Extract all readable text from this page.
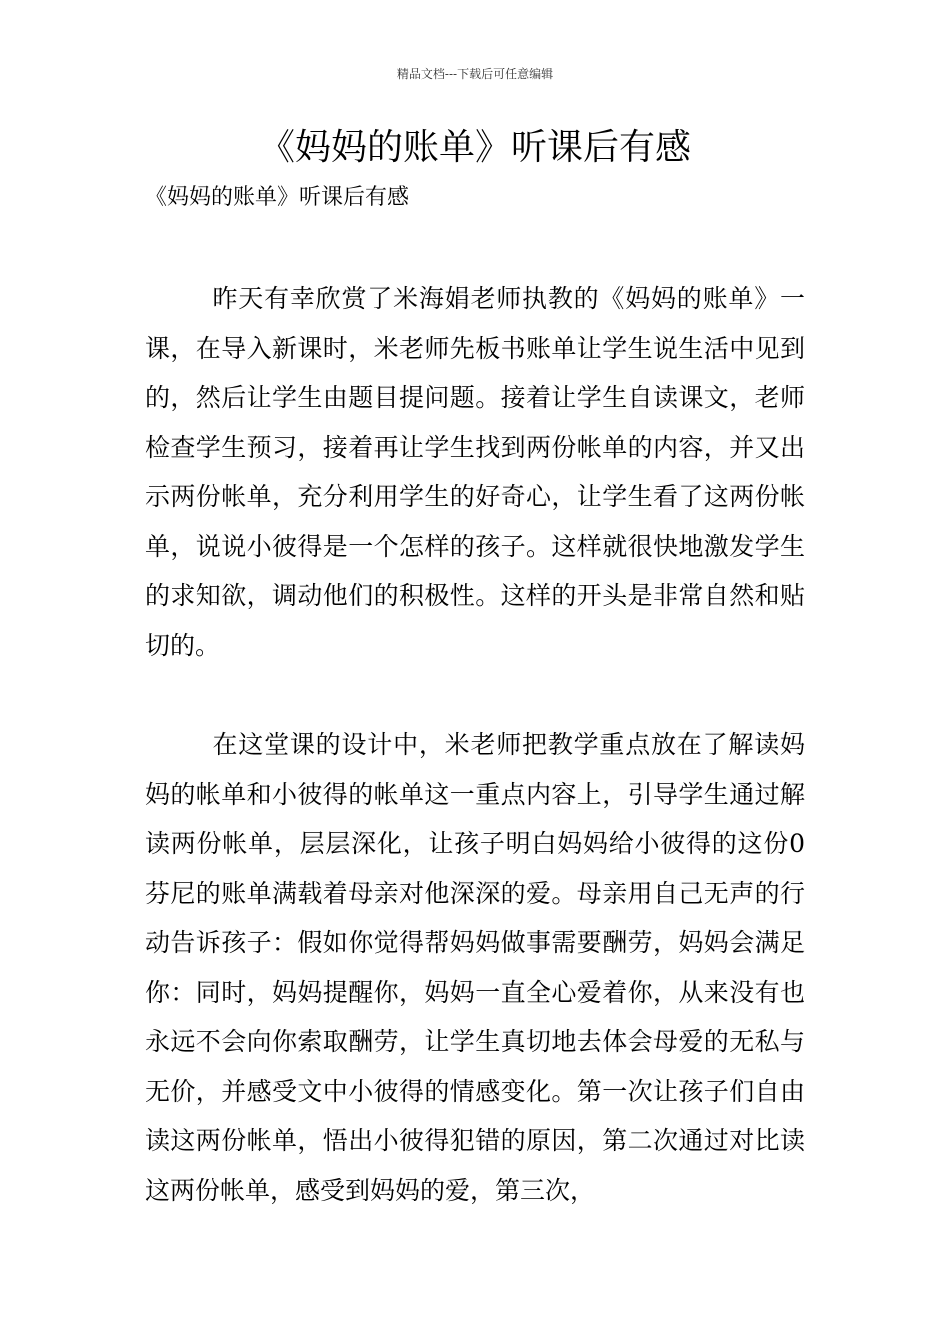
精品文档---下载后可任意编辑
《妈妈的账单》听课后有感

《妈妈的账单》听课后有感

昨天有幸欣赏了米海娟老师执教的《妈妈的账单》一课，在导入新课时，米老师先板书账单让学生说生活中见到的，然后让学生由题目提问题。接着让学生自读课文，老师检查学生预习，接着再让学生找到两份帐单的内容，并又出示两份帐单，充分利用学生的好奇心，让学生看了这两份帐单，说说小彼得是一个怎样的孩子。这样就很快地激发学生的求知欲，调动他们的积极性。这样的开头是非常自然和贴切的。

在这堂课的设计中，米老师把教学重点放在了解读妈妈的帐单和小彼得的帐单这一重点内容上，引导学生通过解读两份帐单，层层深化，让孩子明白妈妈给小彼得的这份0芬尼的账单满载着母亲对他深深的爱。母亲用自己无声的行动告诉孩子：假如你觉得帮妈妈做事需要酬劳，妈妈会满足你：同时，妈妈提醒你，妈妈一直全心爱着你，从来没有也永远不会向你索取酬劳，让学生真切地去体会母爱的无私与无价，并感受文中小彼得的情感变化。第一次让孩子们自由读这两份帐单，悟出小彼得犯错的原因，第二次通过对比读这两份帐单，感受到妈妈的爱，第三次，
